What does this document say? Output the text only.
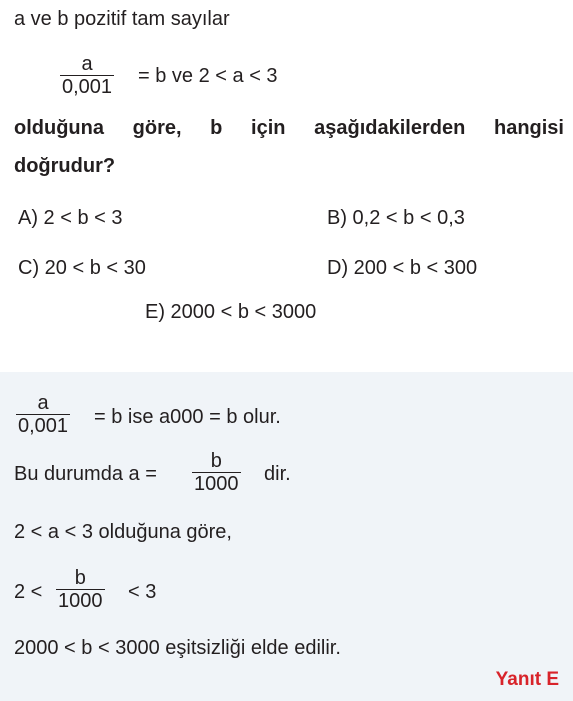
a ve b pozitif tam sayılar
a
0,001 = b ve 2 < a < 3
olduğuna göre, b için aşağıdakilerden hangisi
doğrudur?
A) 2 < b < 3	B) 0,2 < b < 0,3
C) 20 < b < 30	D) 200 < b < 300
E) 2000 < b < 3000
a
0,001 = b ise a000 = b olur.
Bu durumda a =
b
1000 dir.
2 < a < 3 olduğuna göre,
2 <
b
1000 < 3
2000 < b < 3000 eşitsizliği elde edilir.
Yanıt E
